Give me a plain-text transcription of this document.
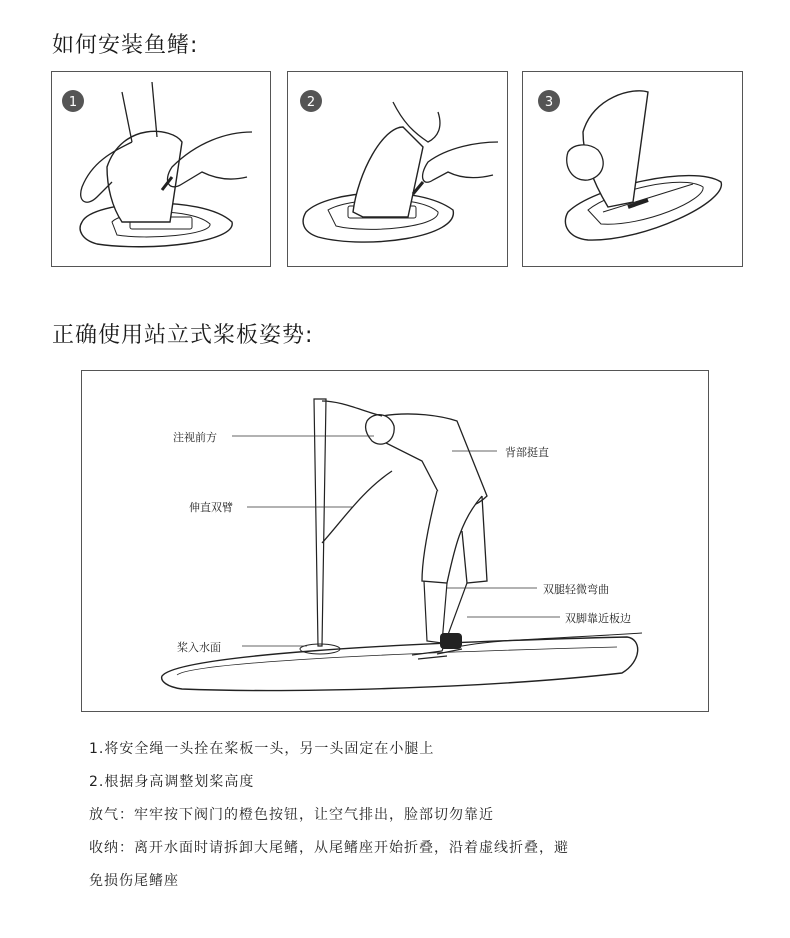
如何安装鱼鳍:
1	2	3
正确使用站立式桨板姿势:
注视前方
背部挺直
伸直双臂
双腿轻微弯曲
双脚靠近板边
桨入水面

1.将安全绳一头拴在桨板一头，另一头固定在小腿上

2.根据身高调整划桨高度

放气：牢牢按下阀门的橙色按钮，让空气排出，脸部切勿靠近

收纳：离开水面时请拆卸大尾鳍，从尾鳍座开始折叠，沿着虚线折叠，避

免损伤尾鳍座
